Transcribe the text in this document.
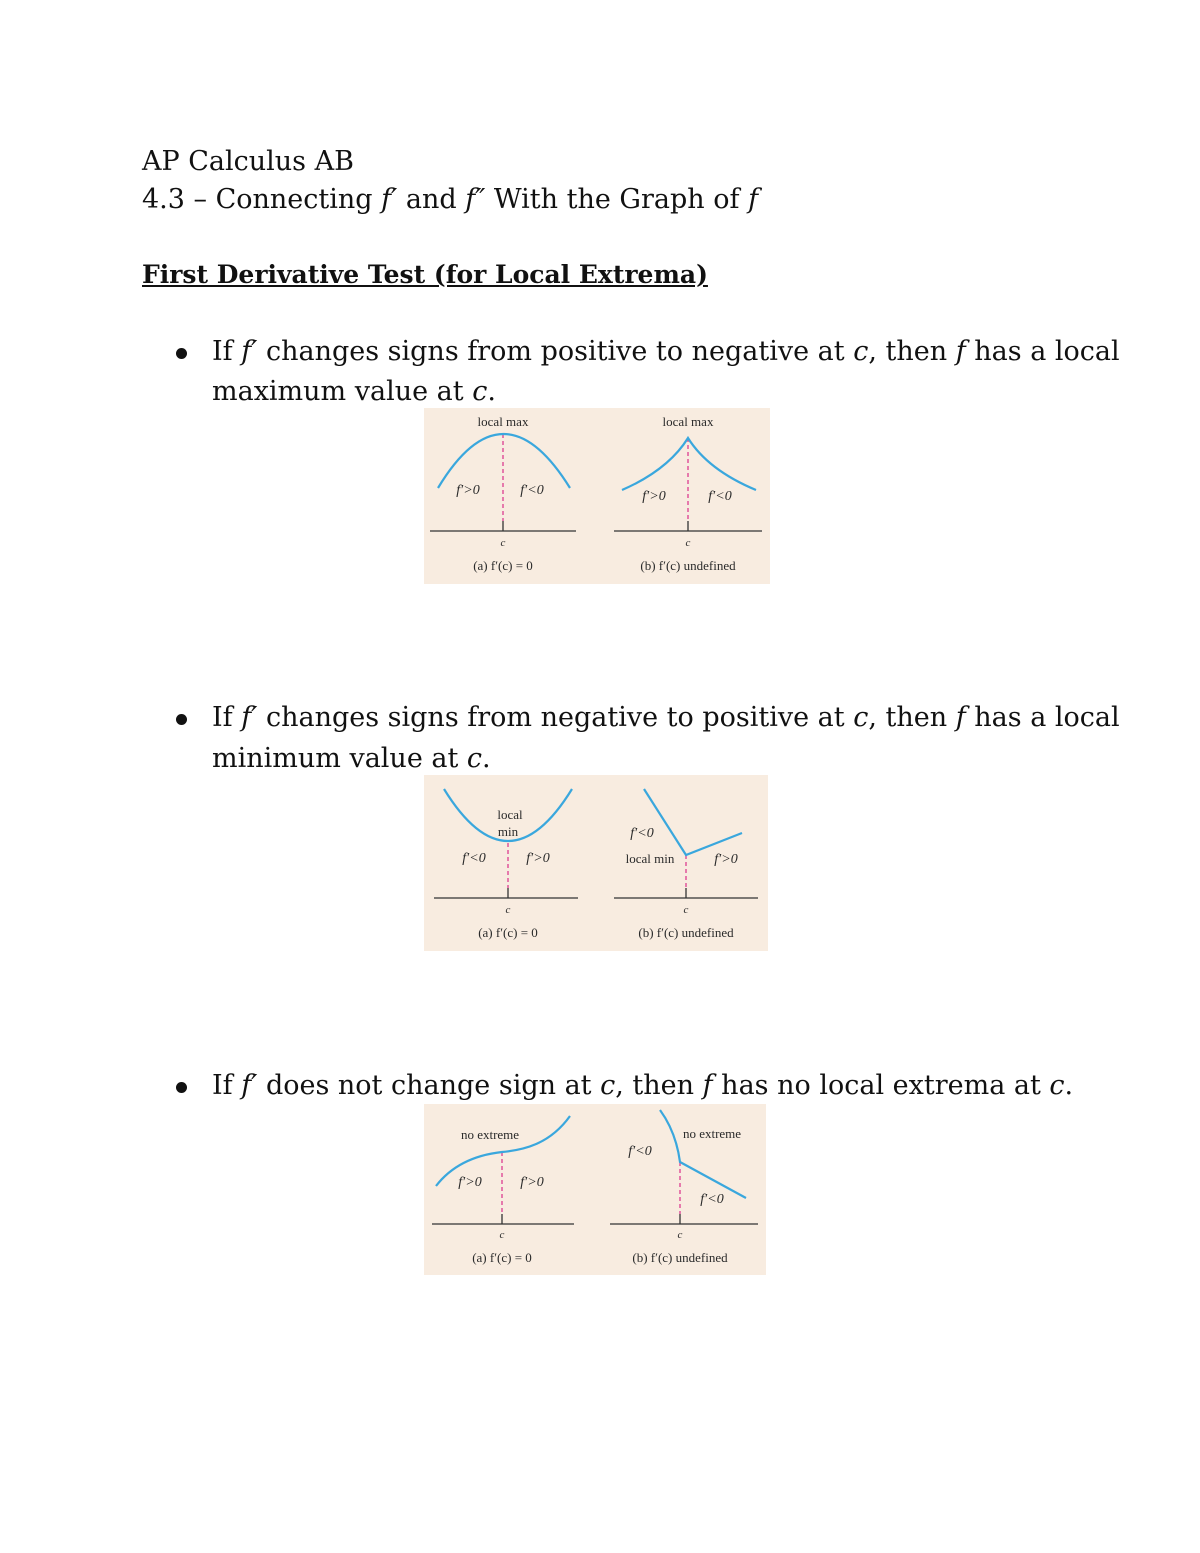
AP Calculus AB
4.3 – Connecting f′ and f″ With the Graph of f
First Derivative Test (for Local Extrema)
If f′ changes signs from positive to negative at c, then f has a local
maximum value at c.
local max
f′>0	f′<0
c
(a) f′(c) = 0
local max
f′>0	f′<0
c
(b) f′(c) undefined
If f′ changes signs from negative to positive at c, then f has a local
minimum value at c.
local
min
f′<0	f′>0
c
(a) f′(c) = 0
f′<0
local min	f′>0
c
(b) f′(c) undefined
If f′ does not change sign at c, then f has no local extrema at c.
no extreme
f′>0	f′>0
c
(a) f′(c) = 0
no extreme
f′<0
f′<0
c
(b) f′(c) undefined
